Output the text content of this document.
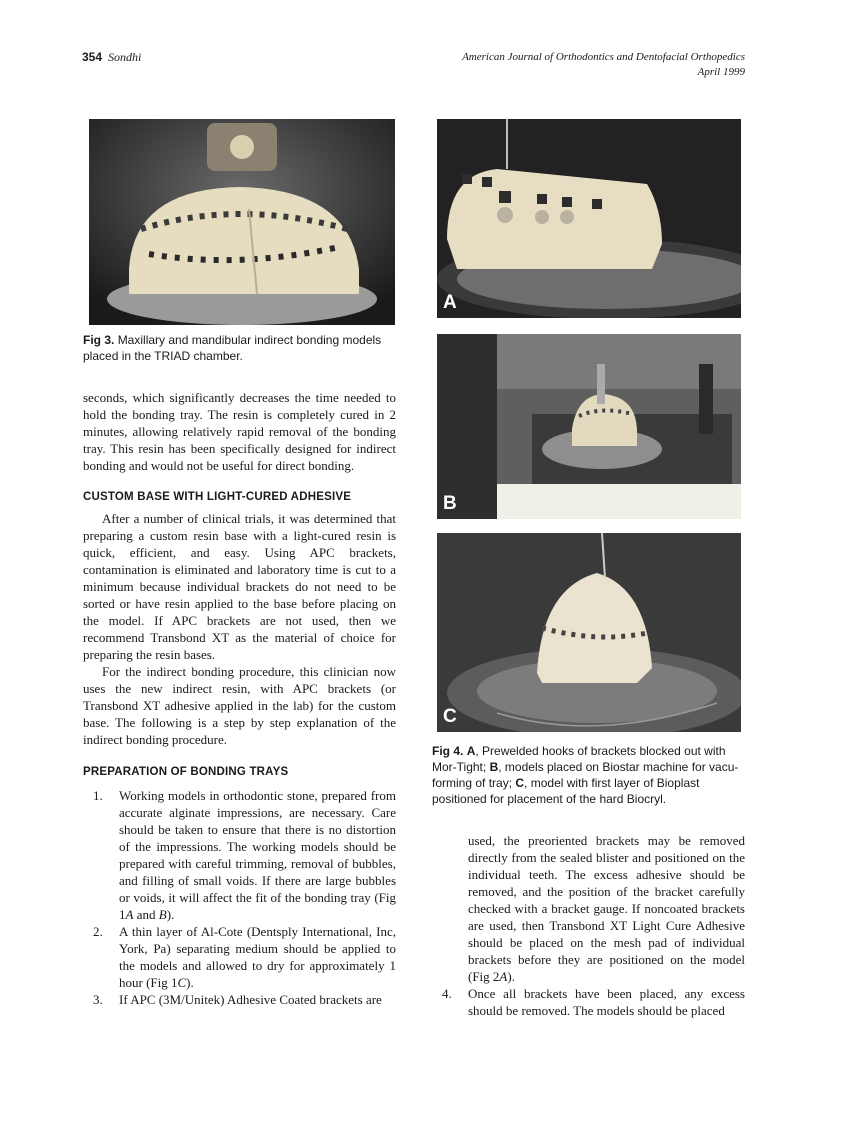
354 Sondhi	American Journal of Orthodontics and Dentofacial Orthopedics
April 1999
Fig 3. Maxillary and mandibular indirect bonding models placed in the TRIAD chamber.
A
B
C
Fig 4. A, Prewelded hooks of brackets blocked out with Mor-Tight; B, models placed on Biostar machine for vacu-forming of tray; C, model with first layer of Bioplast positioned for placement of the hard Biocryl.

seconds, which significantly decreases the time needed to hold the bonding tray. The resin is completely cured in 2 minutes, allowing relatively rapid removal of the bonding tray. This resin has been specifically designed for indirect bonding and would not be useful for direct bonding.

CUSTOM BASE WITH LIGHT-CURED ADHESIVE

After a number of clinical trials, it was determined that preparing a custom resin base with a light-cured resin is quick, efficient, and easy. Using APC brackets, contamination is eliminated and laboratory time is cut to a minimum because individual brackets do not need to be sorted or have resin applied to the base before placing on the model. If APC brackets are not used, then we recommend Transbond XT as the material of choice for preparing the resin bases.

For the indirect bonding procedure, this clinician now uses the new indirect resin, with APC brackets (or Transbond XT adhesive applied in the lab) for the custom base. The following is a step by step explanation of the indirect bonding procedure.

PREPARATION OF BONDING TRAYS

1. Working models in orthodontic stone, prepared from accurate alginate impressions, are necessary. Care should be taken to ensure that there is no distortion of the impressions. The working models should be prepared with careful trimming, removal of bubbles, and filling of small voids. If there are large bubbles or voids, it will affect the fit of the bonding tray (Fig 1A and B).

2. A thin layer of Al-Cote (Dentsply International, Inc, York, Pa) separating medium should be applied to the models and allowed to dry for approximately 1 hour (Fig 1C).

3. If APC (3M/Unitek) Adhesive Coated brackets are

used, the preoriented brackets may be removed directly from the sealed blister and positioned on the individual teeth. The excess adhesive should be removed, and the position of the bracket carefully checked with a bracket gauge. If noncoated brackets are used, then Transbond XT Light Cure Adhesive should be placed on the mesh pad of individual brackets before they are positioned on the model (Fig 2A).

4. Once all brackets have been placed, any excess should be removed. The models should be placed
